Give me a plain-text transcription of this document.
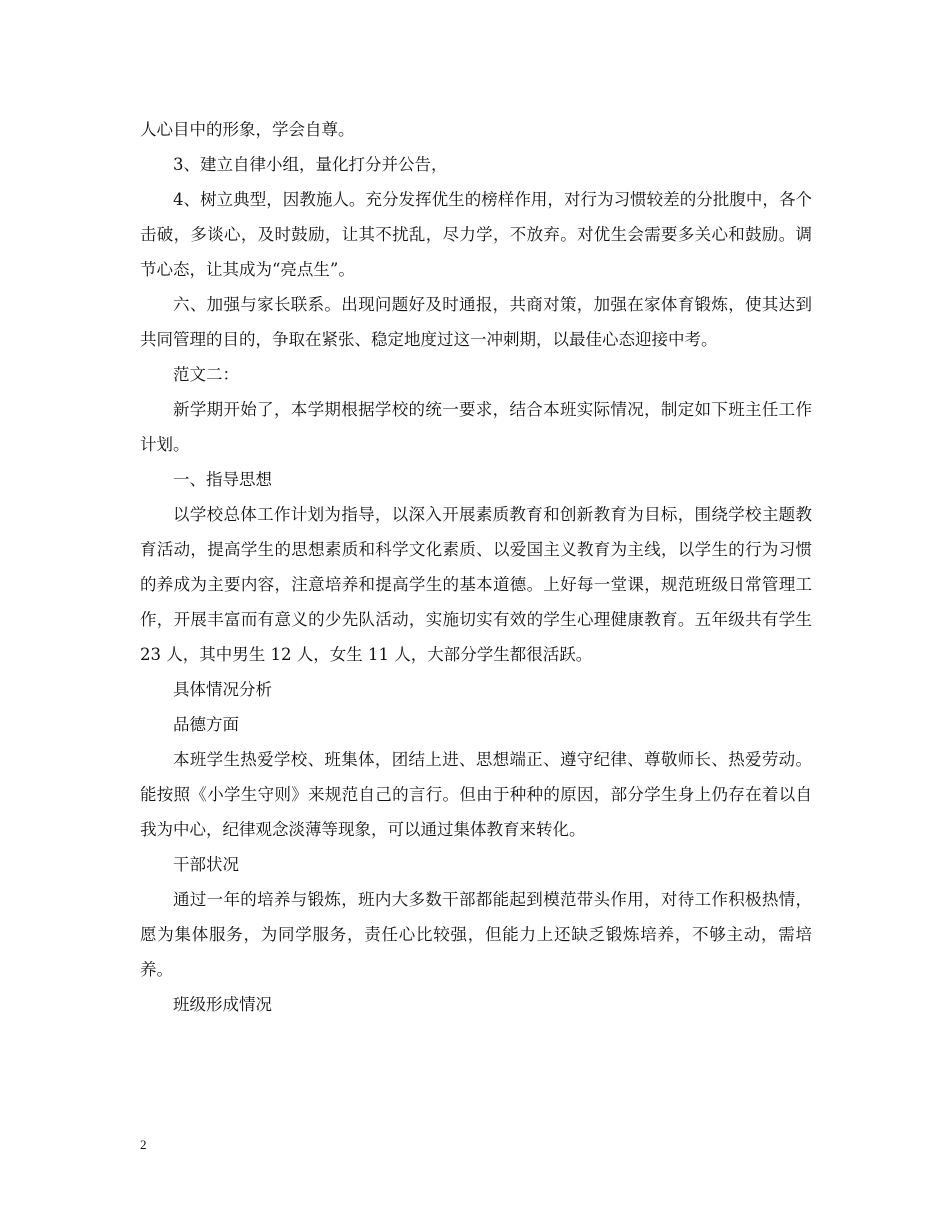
人心目中的形象，学会自尊。

3、建立自律小组，量化打分并公告，

4、树立典型，因教施人。充分发挥优生的榜样作用，对行为习惯较差的分批腹中，各个击破，多谈心，及时鼓励，让其不扰乱，尽力学，不放弃。对优生会需要多关心和鼓励。调节心态，让其成为“亮点生”。

六、加强与家长联系。出现问题好及时通报，共商对策，加强在家体育锻炼，使其达到共同管理的目的，争取在紧张、稳定地度过这一冲刺期，以最佳心态迎接中考。

范文二：

新学期开始了，本学期根据学校的统一要求，结合本班实际情况，制定如下班主任工作计划。

一、指导思想

以学校总体工作计划为指导，以深入开展素质教育和创新教育为目标，围绕学校主题教育活动，提高学生的思想素质和科学文化素质、以爱国主义教育为主线，以学生的行为习惯的养成为主要内容，注意培养和提高学生的基本道德。上好每一堂课，规范班级日常管理工作，开展丰富而有意义的少先队活动，实施切实有效的学生心理健康教育。五年级共有学生 23 人，其中男生 12 人，女生 11 人，大部分学生都很活跃。

具体情况分析

品德方面

本班学生热爱学校、班集体，团结上进、思想端正、遵守纪律、尊敬师长、热爱劳动。能按照《小学生守则》来规范自己的言行。但由于种种的原因，部分学生身上仍存在着以自我为中心，纪律观念淡薄等现象，可以通过集体教育来转化。

干部状况

通过一年的培养与锻炼，班内大多数干部都能起到模范带头作用，对待工作积极热情，愿为集体服务，为同学服务，责任心比较强，但能力上还缺乏锻炼培养，不够主动，需培养。

班级形成情况

2
